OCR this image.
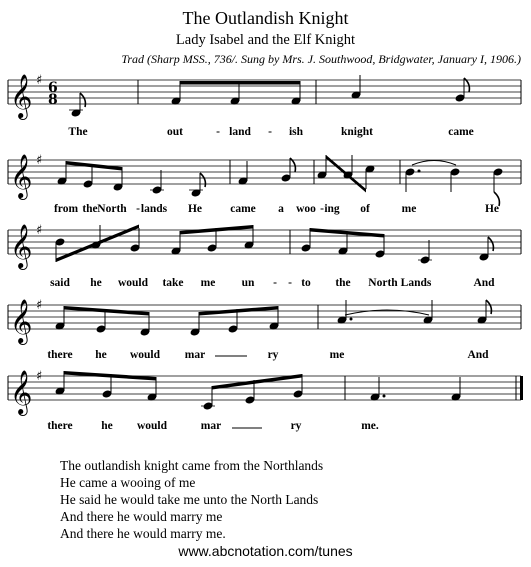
The Outlandish Knight
Lady Isabel and the Elf Knight
Trad (Sharp MSS., 736/. Sung by Mrs. J. Southwood, Bridgwater, January I, 1906.)
𝄞 ♯ 6
8
The	out	- land - ish	knight	came
𝄞 ♯
from the North - lands He came a woo - ing of	me	He
𝄞 ♯
said he would take me un - - to the North Lands	And
𝄞 ♯
there he would mar	ry	me	And
𝄞 ♯
there he would	mar	ry	me.
The outlandish knight came from the Northlands
He came a wooing of me
He said he would take me unto the North Lands
And there he would marry me
And there he would marry me.
www.abcnotation.com/tunes
